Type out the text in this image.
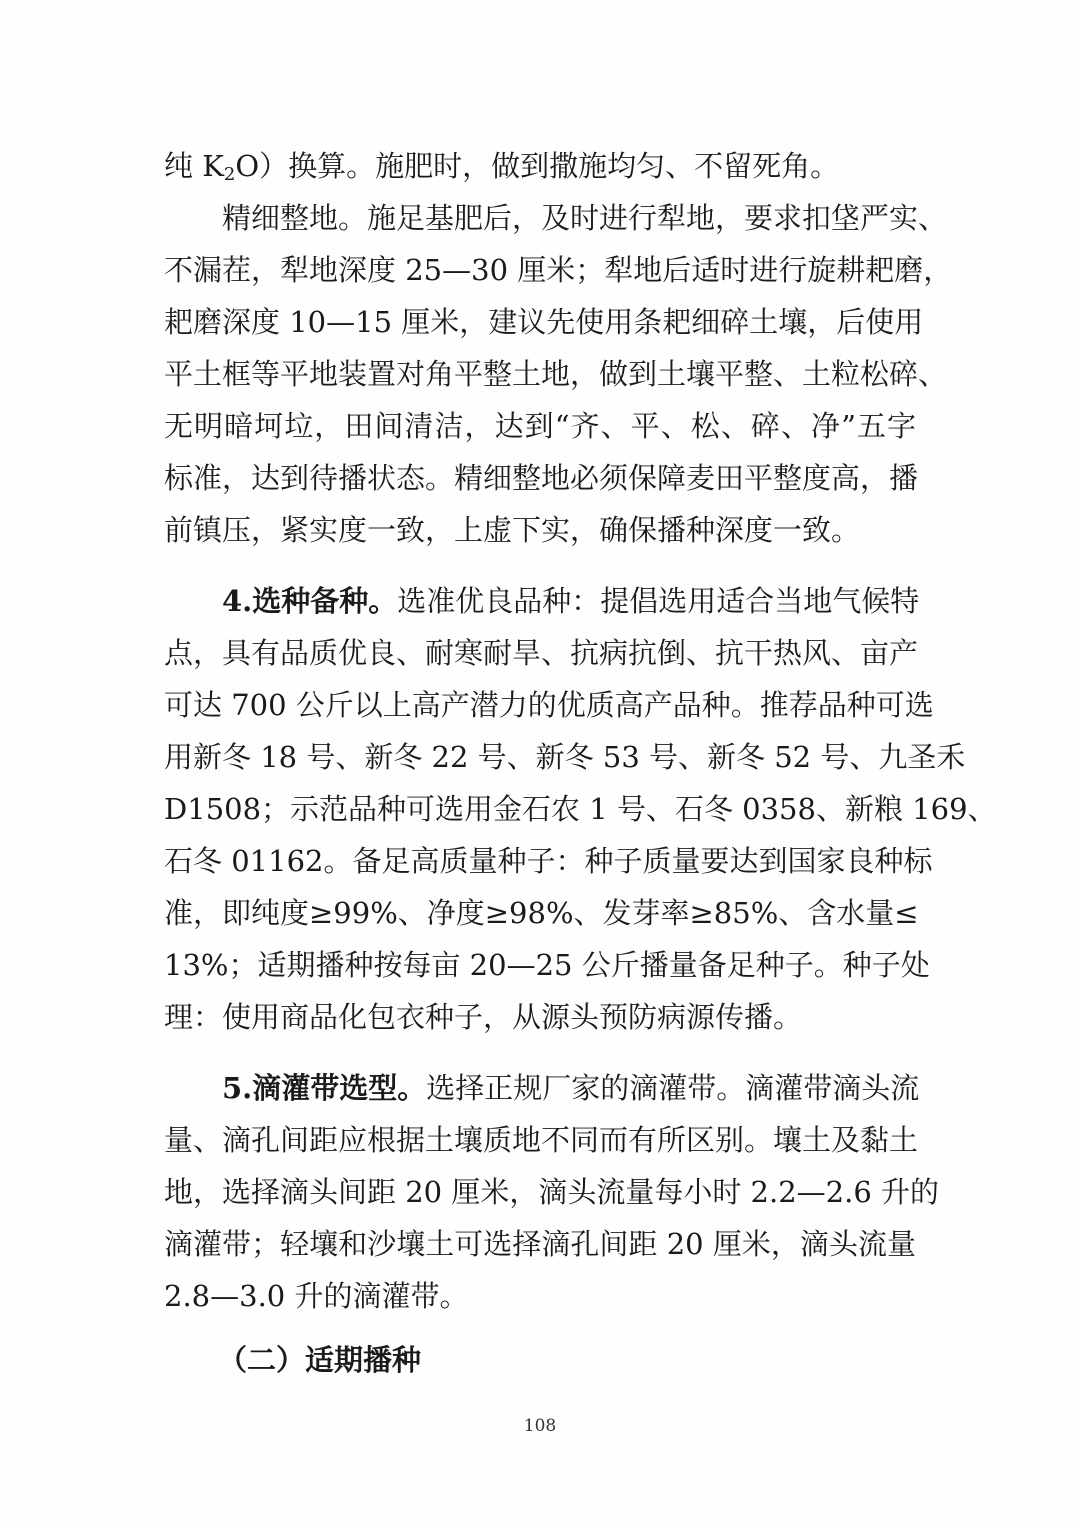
纯 $K_2O$）换算。施肥时，做到撒施均匀、不留死角。

精细整地。施足基肥后，及时进行犁地，要求扣垡严实、

不漏茬，犁地深度 25—30 厘米；犁地后适时进行旋耕耙磨，

耙磨深度 10—15 厘米，建议先使用条耙细碎土壤，后使用

平土框等平地装置对角平整土地，做到土壤平整、土粒松碎、

无明暗坷垃，田间清洁，达到“齐、平、松、碎、净”五字

标准，达到待播状态。精细整地必须保障麦田平整度高，播

前镇压，紧实度一致，上虚下实，确保播种深度一致。

4.选种备种。选准优良品种：提倡选用适合当地气候特

点，具有品质优良、耐寒耐旱、抗病抗倒、抗干热风、亩产

可达 700 公斤以上高产潜力的优质高产品种。推荐品种可选

用新冬 18 号、新冬 22 号、新冬 53 号、新冬 52 号、九圣禾

D1508；示范品种可选用金石农 1 号、石冬 0358、新粮 169、

石冬 01162。备足高质量种子：种子质量要达到国家良种标

准，即纯度≥99%、净度≥98%、发芽率≥85%、含水量≤

13%；适期播种按每亩 20—25 公斤播量备足种子。种子处

理：使用商品化包衣种子，从源头预防病源传播。

5.滴灌带选型。选择正规厂家的滴灌带。滴灌带滴头流

量、滴孔间距应根据土壤质地不同而有所区别。壤土及黏土

地，选择滴头间距 20 厘米，滴头流量每小时 2.2—2.6 升的

滴灌带；轻壤和沙壤土可选择滴孔间距 20 厘米，滴头流量

2.8—3.0 升的滴灌带。

（二）适期播种

108
